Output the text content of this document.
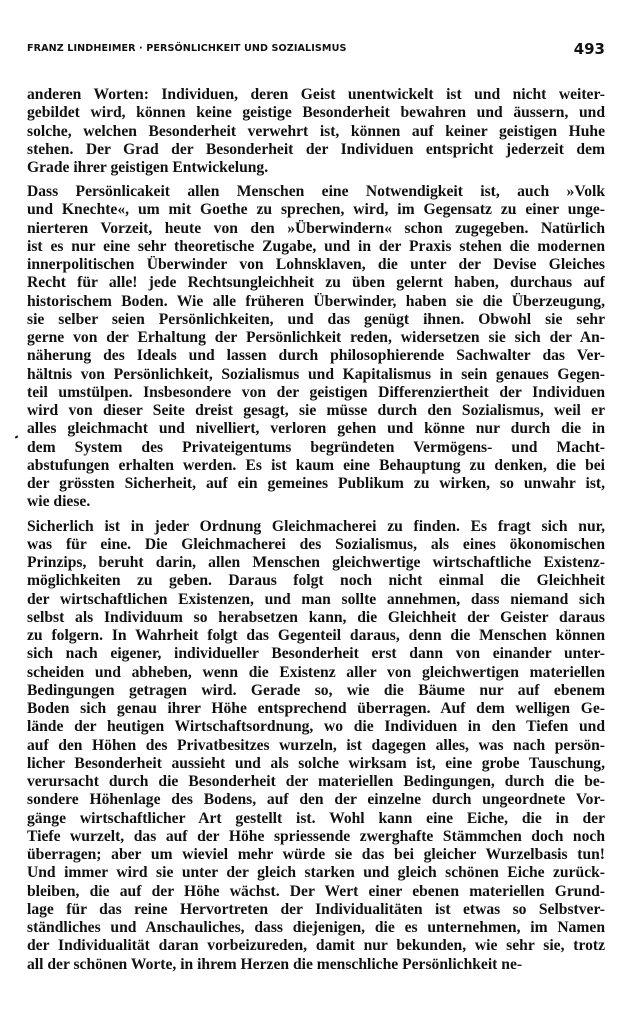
FRANZ LINDHEIMER · PERSÖNLICHKEIT UND SOZIALISMUS	493
anderen Worten: Individuen, deren Geist unentwickelt ist und nicht weiter-
gebildet wird, können keine geistige Besonderheit bewahren und äussern, und
solche, welchen Besonderheit verwehrt ist, können auf keiner geistigen Huhe
stehen. Der Grad der Besonderheit der Individuen entspricht jederzeit dem
Grade ihrer geistigen Entwickelung.
Dass Persönlicakeit allen Menschen eine Notwendigkeit ist, auch »Volk
und Knechte«, um mit Goethe zu sprechen, wird, im Gegensatz zu einer unge-
nierteren Vorzeit, heute von den »Überwindern« schon zugegeben. Natürlich
ist es nur eine sehr theoretische Zugabe, und in der Praxis stehen die modernen
innerpolitischen Überwinder von Lohnsklaven, die unter der Devise Gleiches
Recht für alle! jede Rechtsungleichheit zu üben gelernt haben, durchaus auf
historischem Boden. Wie alle früheren Überwinder, haben sie die Überzeugung,
sie selber seien Persönlichkeiten, und das genügt ihnen. Obwohl sie sehr
gerne von der Erhaltung der Persönlichkeit reden, widersetzen sie sich der An-
näherung des Ideals und lassen durch philosophierende Sachwalter das Ver-
hältnis von Persönlichkeit, Sozialismus und Kapitalismus in sein genaues Gegen-
teil umstülpen. Insbesondere von der geistigen Differenziertheit der Individuen
wird von dieser Seite dreist gesagt, sie müsse durch den Sozialismus, weil er
alles gleichmacht und nivelliert, verloren gehen und könne nur durch die in
dem System des Privateigentums begründeten Vermögens- und Macht-
abstufungen erhalten werden. Es ist kaum eine Behauptung zu denken, die bei
der grössten Sicherheit, auf ein gemeines Publikum zu wirken, so unwahr ist,
wie diese.
Sicherlich ist in jeder Ordnung Gleichmacherei zu finden. Es fragt sich nur,
was für eine. Die Gleichmacherei des Sozialismus, als eines ökonomischen
Prinzips, beruht darin, allen Menschen gleichwertige wirtschaftliche Existenz-
möglichkeiten zu geben. Daraus folgt noch nicht einmal die Gleichheit
der wirtschaftlichen Existenzen, und man sollte annehmen, dass niemand sich
selbst als Individuum so herabsetzen kann, die Gleichheit der Geister daraus
zu folgern. In Wahrheit folgt das Gegenteil daraus, denn die Menschen können
sich nach eigener, individueller Besonderheit erst dann von einander unter-
scheiden und abheben, wenn die Existenz aller von gleichwertigen materiellen
Bedingungen getragen wird. Gerade so, wie die Bäume nur auf ebenem
Boden sich genau ihrer Höhe entsprechend überragen. Auf dem welligen Ge-
lände der heutigen Wirtschaftsordnung, wo die Individuen in den Tiefen und
auf den Höhen des Privatbesitzes wurzeln, ist dagegen alles, was nach persön-
licher Besonderheit aussieht und als solche wirksam ist, eine grobe Tauschung,
verursacht durch die Besonderheit der materiellen Bedingungen, durch die be-
sondere Höhenlage des Bodens, auf den der einzelne durch ungeordnete Vor-
gänge wirtschaftlicher Art gestellt ist. Wohl kann eine Eiche, die in der
Tiefe wurzelt, das auf der Höhe spriessende zwerghafte Stämmchen doch noch
überragen; aber um wieviel mehr würde sie das bei gleicher Wurzelbasis tun!
Und immer wird sie unter der gleich starken und gleich schönen Eiche zurück-
bleiben, die auf der Höhe wächst. Der Wert einer ebenen materiellen Grund-
lage für das reine Hervortreten der Individualitäten ist etwas so Selbstver-
ständliches und Anschauliches, dass diejenigen, die es unternehmen, im Namen
der Individualität daran vorbeizureden, damit nur bekunden, wie sehr sie, trotz
all der schönen Worte, in ihrem Herzen die menschliche Persönlichkeit ne-
